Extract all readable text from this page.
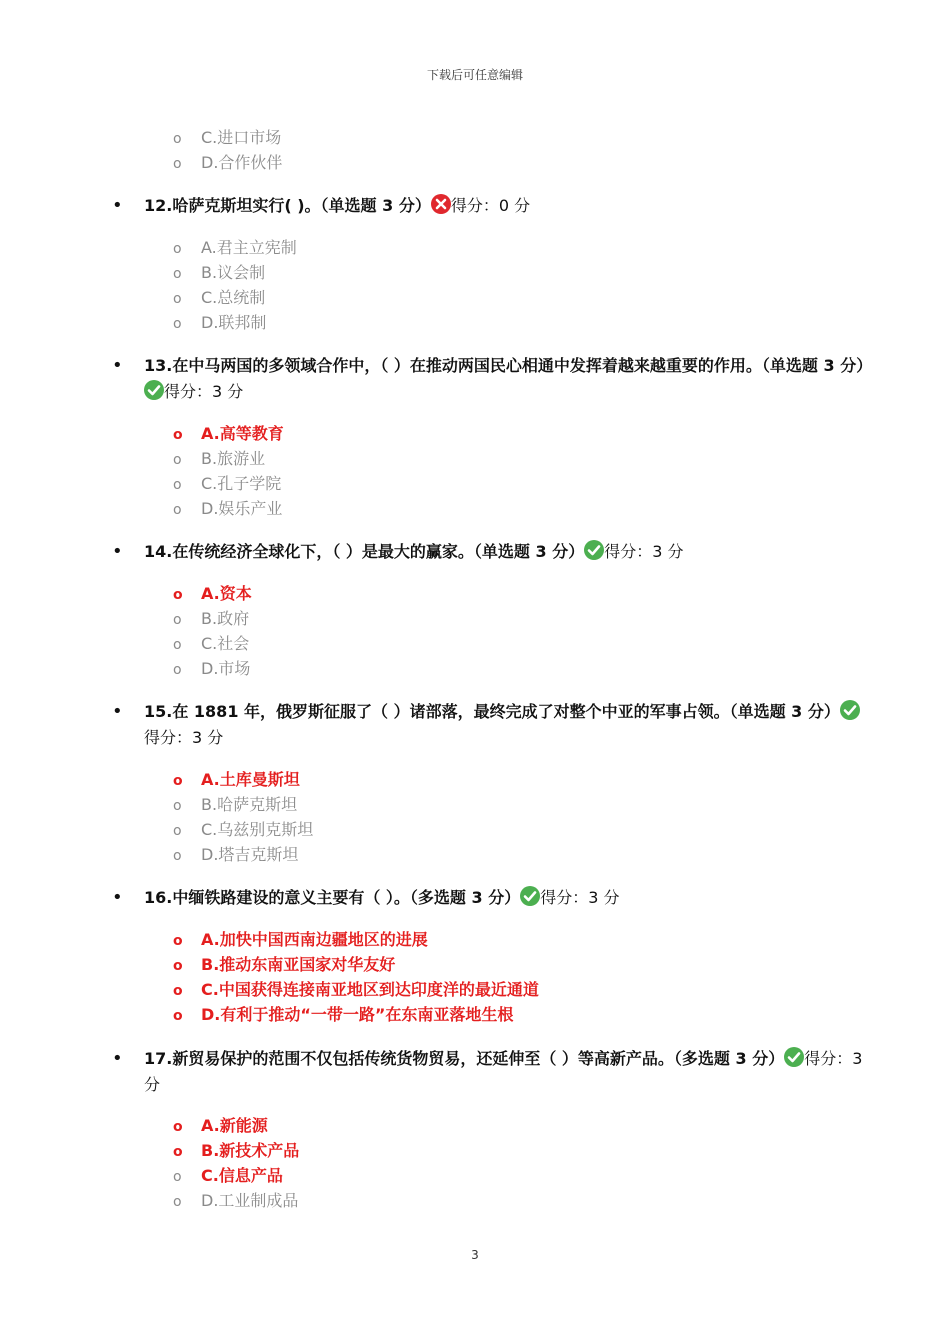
下载后可任意编辑
o C.进口市场
o D.合作伙伴
• 12.哈萨克斯坦实行( )。（单选题 3 分） 得分：0 分
o A.君主立宪制
o B.议会制
o C.总统制
o D.联邦制
• 13.在中马两国的多领域合作中，（ ）在推动两国民心相通中发挥着越来越重要的作用。（单选题 3 分）
得分：3 分
o A.高等教育
o B.旅游业
o C.孔子学院
o D.娱乐产业
• 14.在传统经济全球化下，（ ）是最大的赢家。（单选题 3 分） 得分：3 分
o A.资本
o B.政府
o C.社会
o D.市场
• 15.在 1881 年，俄罗斯征服了（ ）诸部落，最终完成了对整个中亚的军事占领。（单选题 3 分）
得分：3 分
o A.土库曼斯坦
o B.哈萨克斯坦
o C.乌兹别克斯坦
o D.塔吉克斯坦
• 16.中缅铁路建设的意义主要有（ ）。（多选题 3 分） 得分：3 分
o A.加快中国西南边疆地区的进展
o B.推动东南亚国家对华友好
o C.中国获得连接南亚地区到达印度洋的最近通道
o D.有利于推动“一带一路”在东南亚落地生根
• 17.新贸易保护的范围不仅包括传统货物贸易，还延伸至（ ）等高新产品。（多选题 3 分） 得分：3 分
o A.新能源
o B.新技术产品
o C.信息产品
o D.工业制成品
3
